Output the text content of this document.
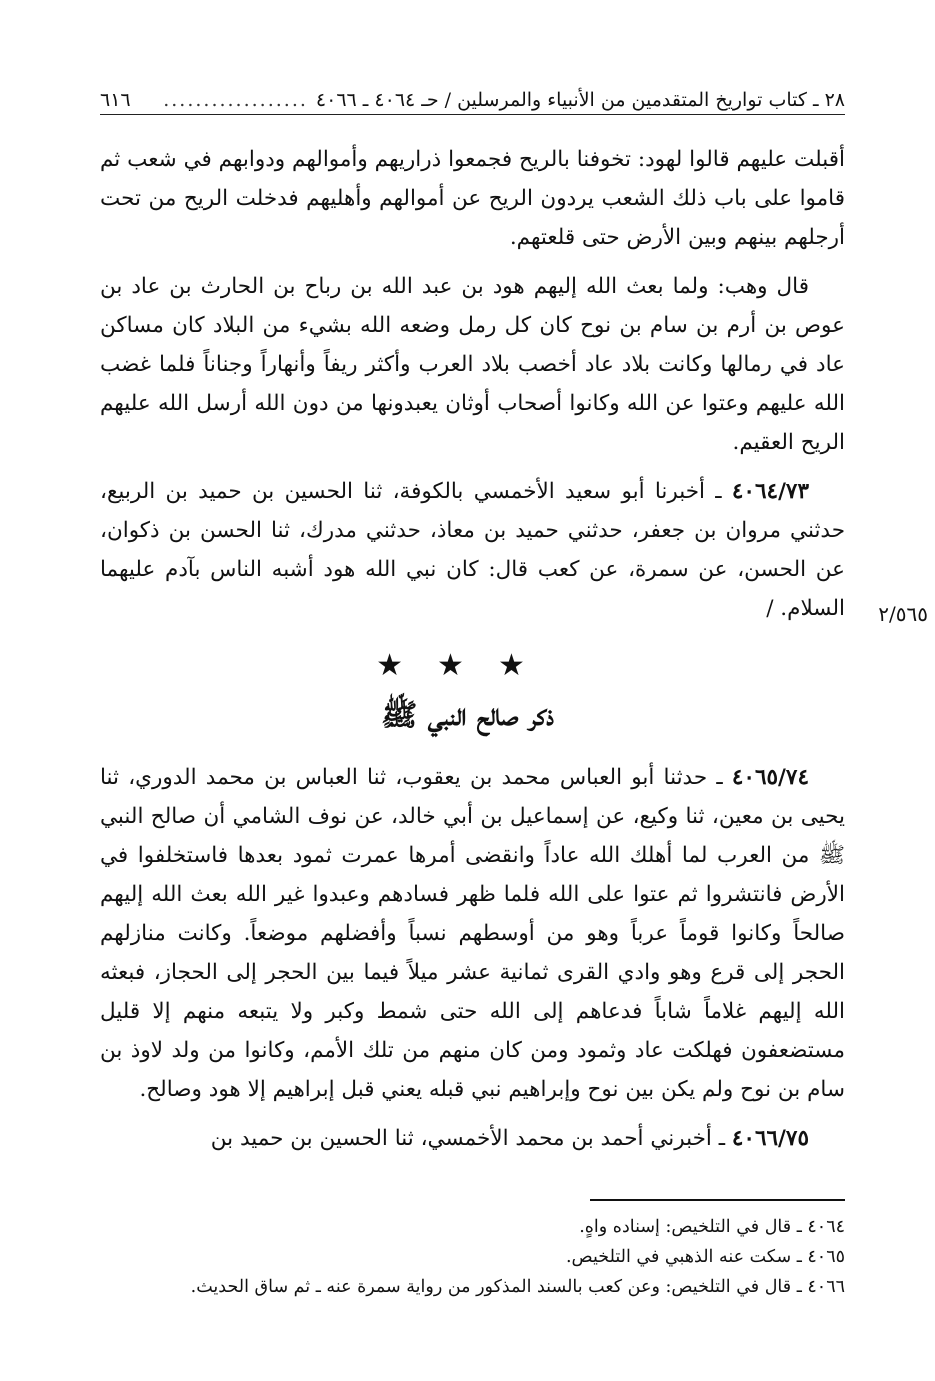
٢٨ ـ كتاب تواريخ المتقدمين من الأنبياء والمرسلين / حـ ٤٠٦٤ ـ ٤٠٦٦
..................
٦١٦

أقبلت عليهم قالوا لهود: تخوفنا بالريح فجمعوا ذراريهم وأموالهم ودوابهم في شعب ثم قاموا على باب ذلك الشعب يردون الريح عن أموالهم وأهليهم فدخلت الريح من تحت أرجلهم بينهم وبين الأرض حتى قلعتهم.

قال وهب: ولما بعث الله إليهم هود بن عبد الله بن رباح بن الحارث بن عاد بن عوص بن أرم بن سام بن نوح كان كل رمل وضعه الله بشيء من البلاد كان مساكن عاد في رمالها وكانت بلاد عاد أخصب بلاد العرب وأكثر ريفاً وأنهاراً وجناناً فلما غضب الله عليهم وعتوا عن الله وكانوا أصحاب أوثان يعبدونها من دون الله أرسل الله عليهم الريح العقيم.

٤٠٦٤/٧٣ ـ أخبرنا أبو سعيد الأخمسي بالكوفة، ثنا الحسين بن حميد بن الربيع، حدثني مروان بن جعفر، حدثني حميد بن معاذ، حدثني مدرك، ثنا الحسن بن ذكوان، عن الحسن، عن سمرة، عن كعب قال: كان نبي الله هود أشبه الناس بآدم عليهما السلام. /	٢/٥٦٥
★★★
ذكر صالح النبي ﷺ

٤٠٦٥/٧٤ ـ حدثنا أبو العباس محمد بن يعقوب، ثنا العباس بن محمد الدوري، ثنا يحيى بن معين، ثنا وكيع، عن إسماعيل بن أبي خالد، عن نوف الشامي أن صالح النبي ﷺ من العرب لما أهلك الله عاداً وانقضى أمرها عمرت ثمود بعدها فاستخلفوا في الأرض فانتشروا ثم عتوا على الله فلما ظهر فسادهم وعبدوا غير الله بعث الله إليهم صالحاً وكانوا قوماً عرباً وهو من أوسطهم نسباً وأفضلهم موضعاً. وكانت منازلهم الحجر إلى قرع وهو وادي القرى ثمانية عشر ميلاً فيما بين الحجر إلى الحجاز، فبعثه الله إليهم غلاماً شاباً فدعاهم إلى الله حتى شمط وكبر ولا يتبعه منهم إلا قليل مستضعفون فهلكت عاد وثمود ومن كان منهم من تلك الأمم، وكانوا من ولد لاوذ بن سام بن نوح ولم يكن بين نوح وإبراهيم نبي قبله يعني قبل إبراهيم إلا هود وصالح.

٤٠٦٦/٧٥ ـ أخبرني أحمد بن محمد الأخمسي، ثنا الحسين بن حميد بن

٤٠٦٤ ـ قال في التلخيص: إسناده واهٍ.
٤٠٦٥ ـ سكت عنه الذهبي في التلخيص.
٤٠٦٦ ـ قال في التلخيص: وعن كعب بالسند المذكور من رواية سمرة عنه ـ ثم ساق الحديث.
